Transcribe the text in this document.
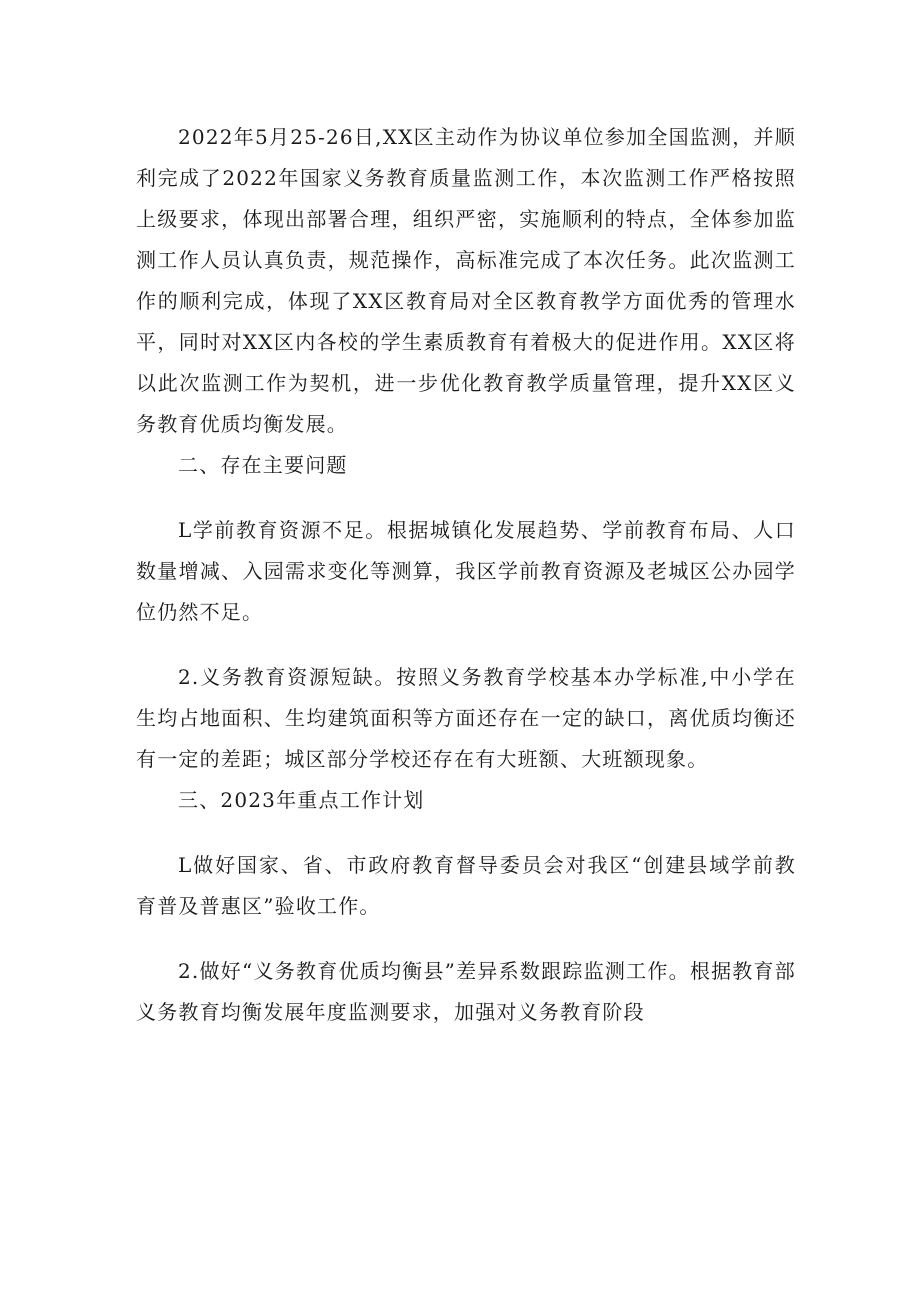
2022年5月25-26日,XX区主动作为协议单位参加全国监测，并顺利完成了2022年国家义务教育质量监测工作，本次监测工作严格按照上级要求，体现出部署合理，组织严密，实施顺利的特点，全体参加监测工作人员认真负责，规范操作，高标准完成了本次任务。此次监测工作的顺利完成，体现了XX区教育局对全区教育教学方面优秀的管理水平，同时对XX区内各校的学生素质教育有着极大的促进作用。XX区将以此次监测工作为契机，进一步优化教育教学质量管理，提升XX区义务教育优质均衡发展。

二、存在主要问题

L学前教育资源不足。根据城镇化发展趋势、学前教育布局、人口数量增减、入园需求变化等测算，我区学前教育资源及老城区公办园学位仍然不足。

2.义务教育资源短缺。按照义务教育学校基本办学标准,中小学在生均占地面积、生均建筑面积等方面还存在一定的缺口，离优质均衡还有一定的差距；城区部分学校还存在有大班额、大班额现象。

三、2023年重点工作计划

L做好国家、省、市政府教育督导委员会对我区“创建县域学前教育普及普惠区”验收工作。

2.做好“义务教育优质均衡县”差异系数跟踪监测工作。根据教育部义务教育均衡发展年度监测要求，加强对义务教育阶段
